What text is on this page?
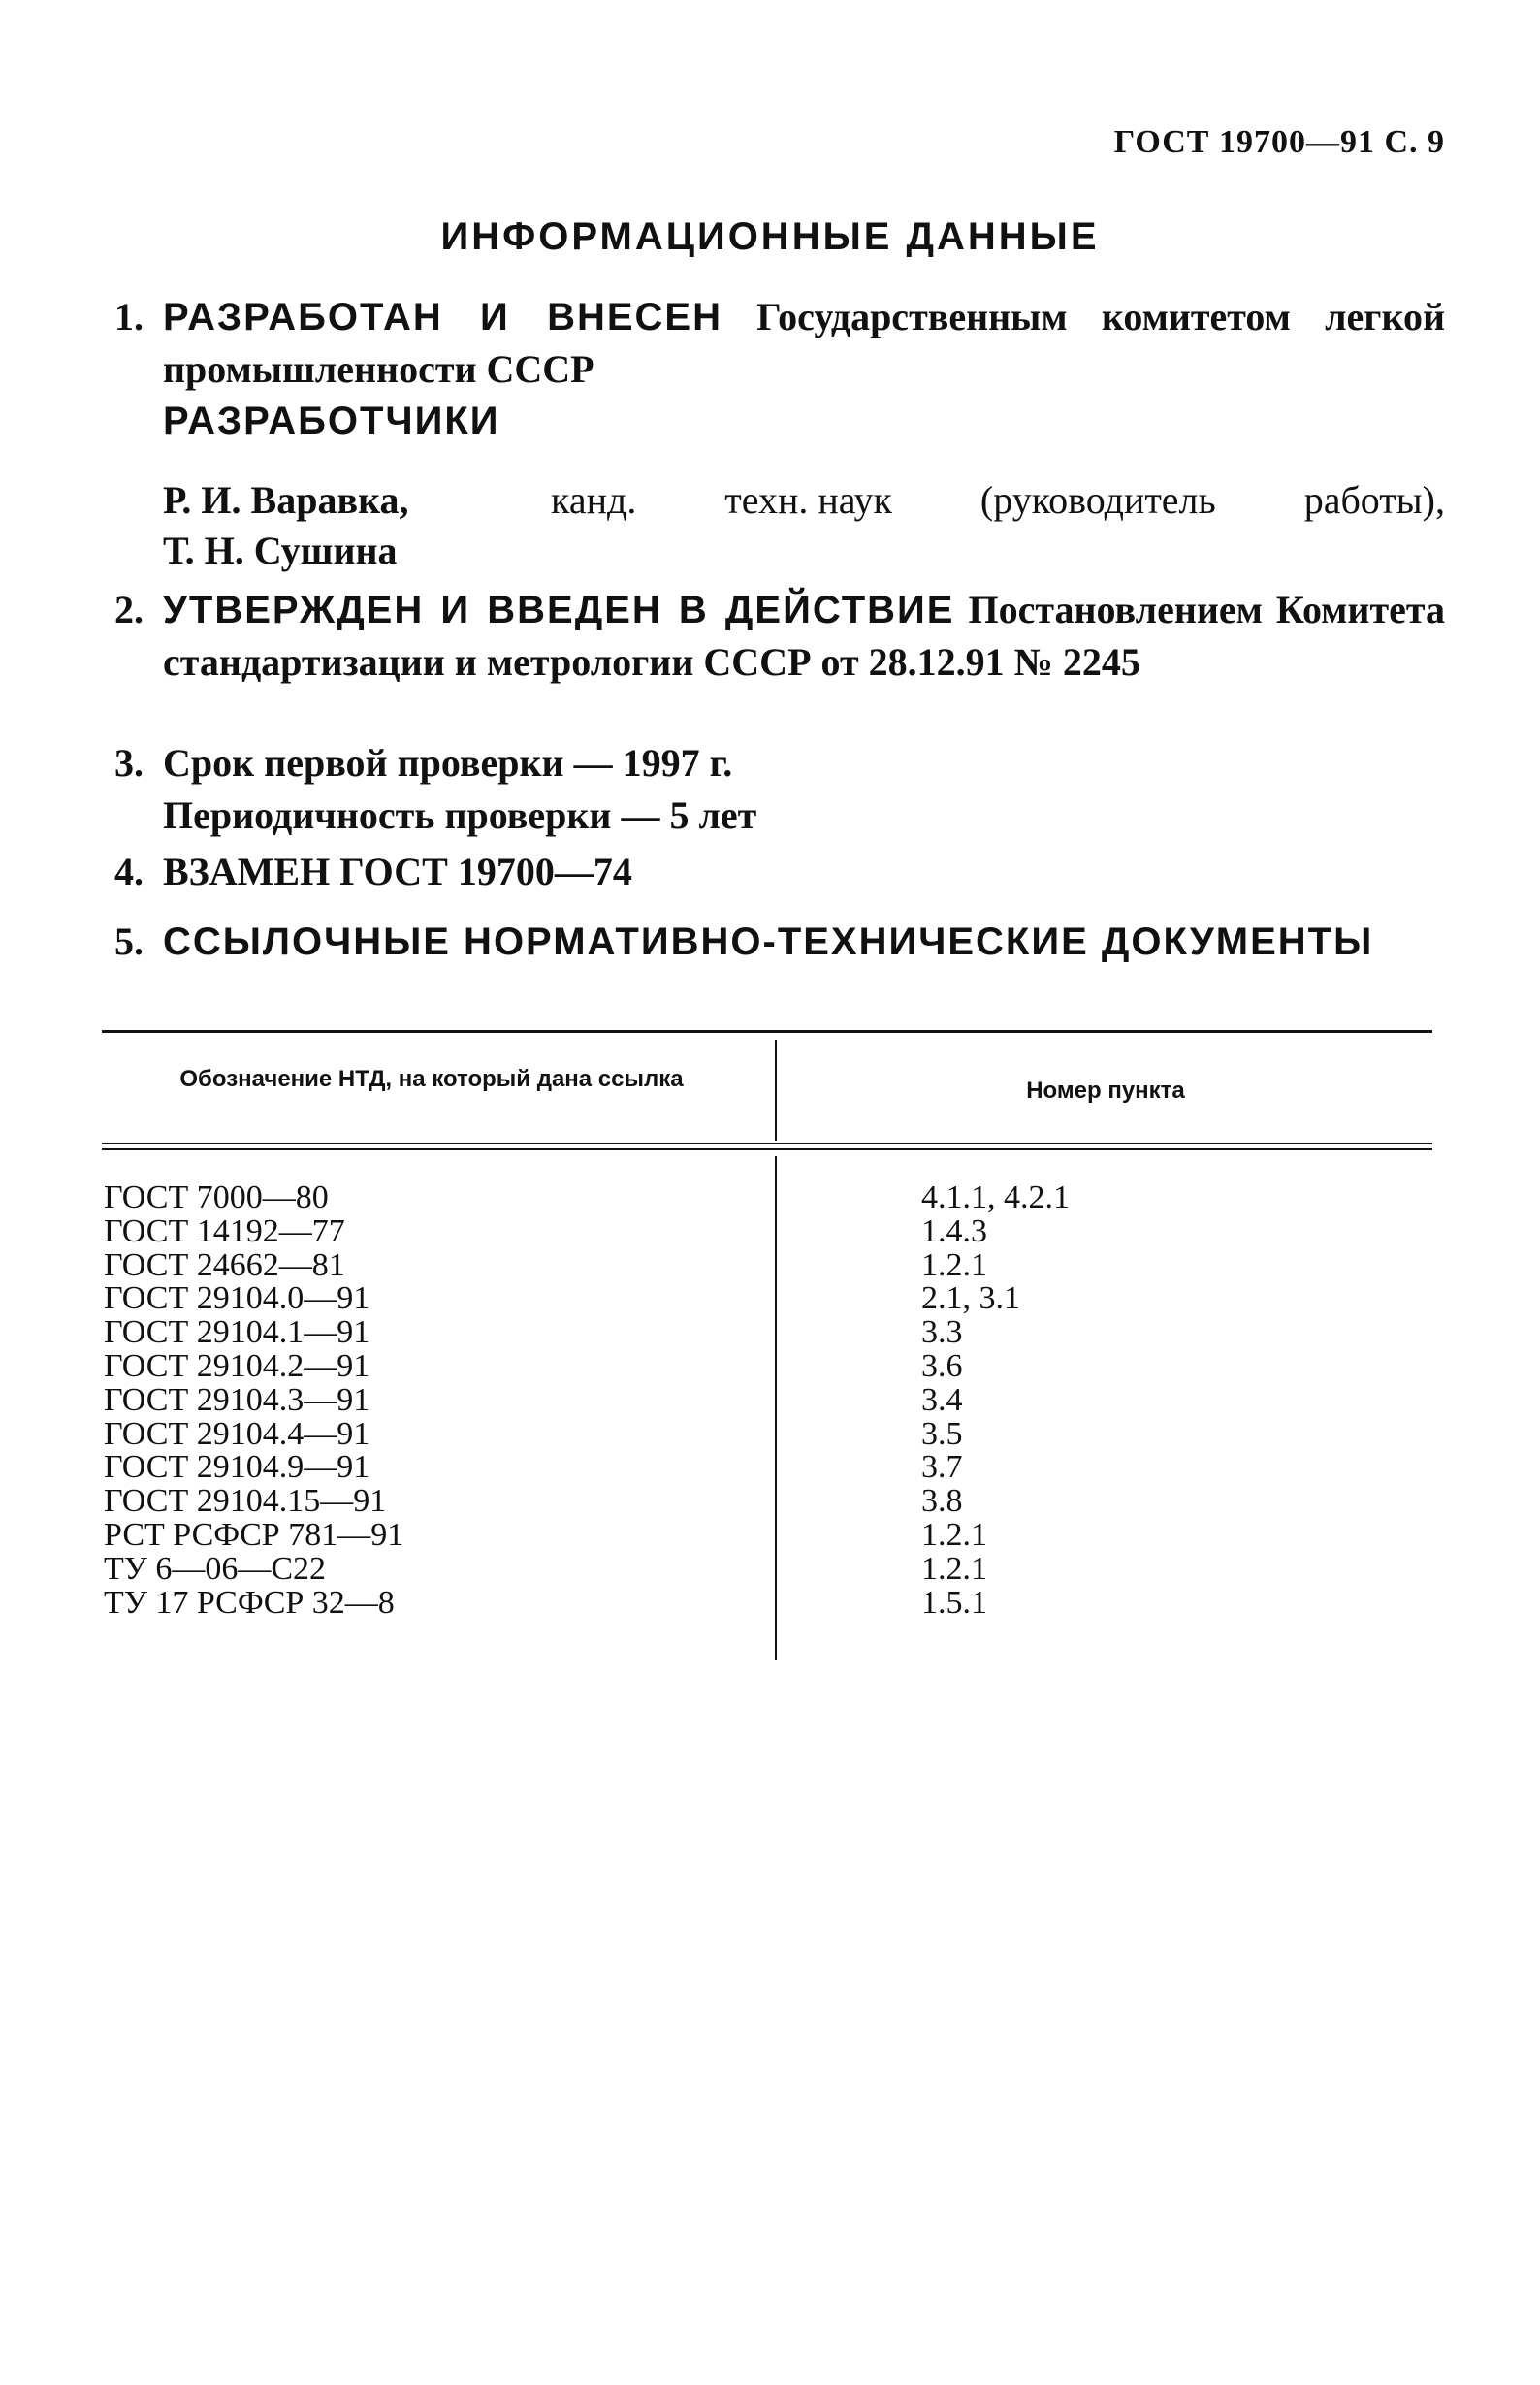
ГОСТ 19700—91 С. 9
ИНФОРМАЦИОННЫЕ ДАННЫЕ
1. РАЗРАБОТАН И ВНЕСЕН Государственным комитетом легкой промышленности СССР
РАЗРАБОТЧИКИ
Р. И. Варавка,	канд. техн. наук (руководитель работы),
Т. Н. Сушина
2. УТВЕРЖДЕН И ВВЕДЕН В ДЕЙСТВИЕ Постановлением Комитета стандартизации и метрологии СССР от 28.12.91 № 2245
3. Срок первой проверки — 1997 г.
Периодичность проверки — 5 лет
4. ВЗАМЕН ГОСТ 19700—74
5. ССЫЛОЧНЫЕ НОРМАТИВНО-ТЕХНИЧЕСКИЕ ДОКУМЕНТЫ
Обозначение НТД, на который дана ссылка	Номер пункта
ГОСТ 7000—80	4.1.1, 4.2.1
ГОСТ 14192—77	1.4.3
ГОСТ 24662—81	1.2.1
ГОСТ 29104.0—91	2.1, 3.1
ГОСТ 29104.1—91	3.3
ГОСТ 29104.2—91	3.6
ГОСТ 29104.3—91	3.4
ГОСТ 29104.4—91	3.5
ГОСТ 29104.9—91	3.7
ГОСТ 29104.15—91	3.8
РСТ РСФСР 781—91	1.2.1
ТУ 6—06—С22	1.2.1
ТУ 17 РСФСР 32—8	1.5.1
